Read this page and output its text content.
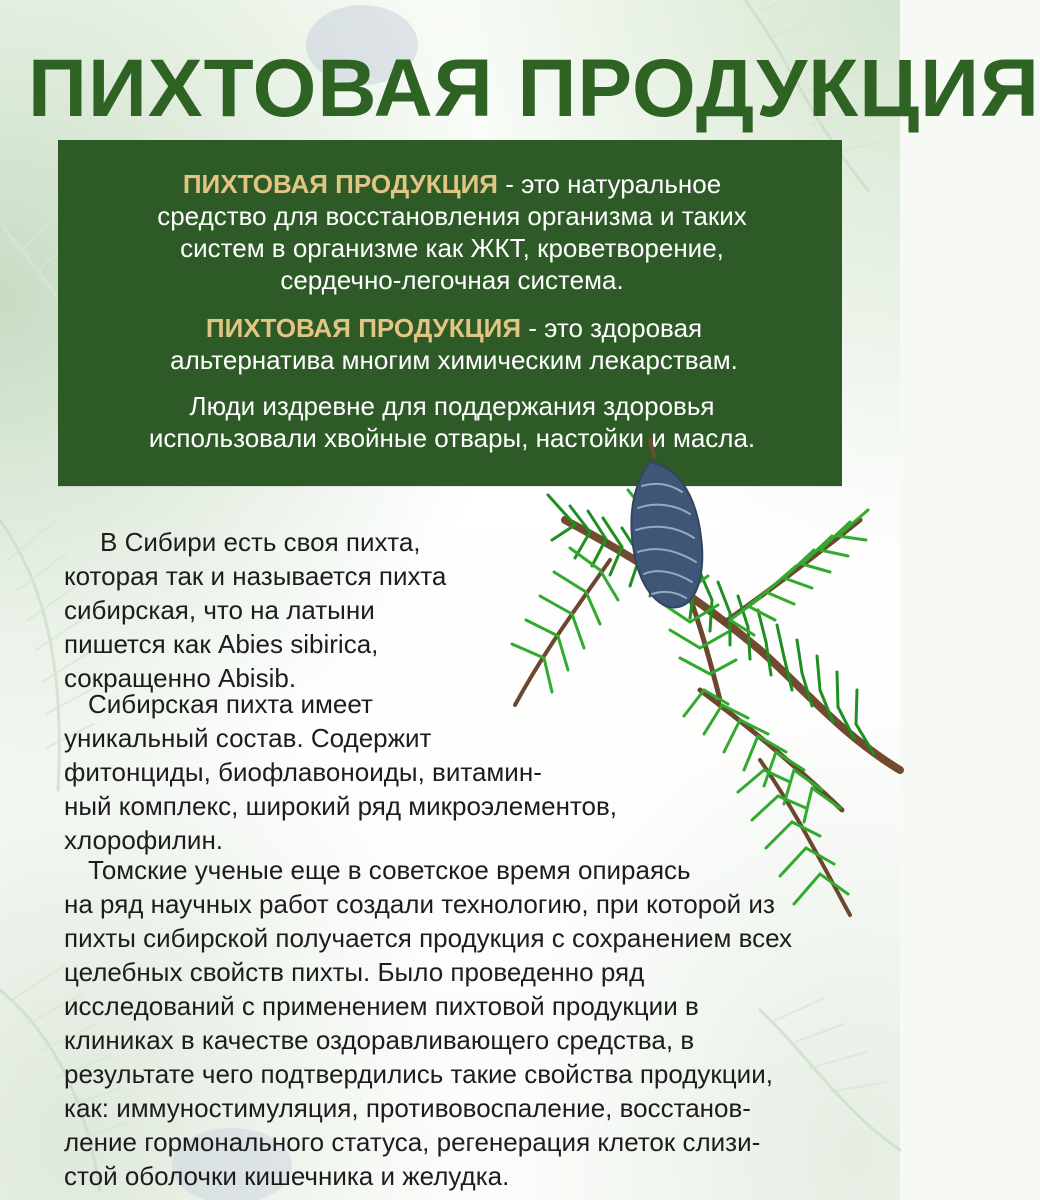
ПИХТОВАЯ ПРОДУКЦИЯ

ПИХТОВАЯ ПРОДУКЦИЯ - это натуральное
средство для восстановления организма и таких
систем в организме как ЖКТ, кроветворение,
сердечно-легочная система.

ПИХТОВАЯ ПРОДУКЦИЯ - это здоровая
альтернатива многим химическим лекарствам.

Люди издревне для поддержания здоровья
использовали хвойные отвары, настойки и масла.

В Сибири есть своя пихта,
которая так и называется пихта
сибирская, что на латыни
пишется как Abies sibirica,
сокращенно Abisib.

Сибирская пихта имеет
уникальный состав. Содержит
фитонциды, биофлавоноиды, витамин-
ный комплекс, широкий ряд микроэлементов,
хлорофилин.

Томские ученые еще в советское время опираясь
на ряд научных работ создали технологию, при которой из
пихты сибирской получается продукция с сохранением всех
целебных свойств пихты. Было проведенно ряд
исследований с применением пихтовой продукции в
клиниках в качестве оздоравливающего средства, в
результате чего подтвердились такие свойства продукции,
как: иммуностимуляция, противовоспаление, восстанов-
ление гормонального статуса, регенерация клеток слизи-
стой оболочки кишечника и желудка.
